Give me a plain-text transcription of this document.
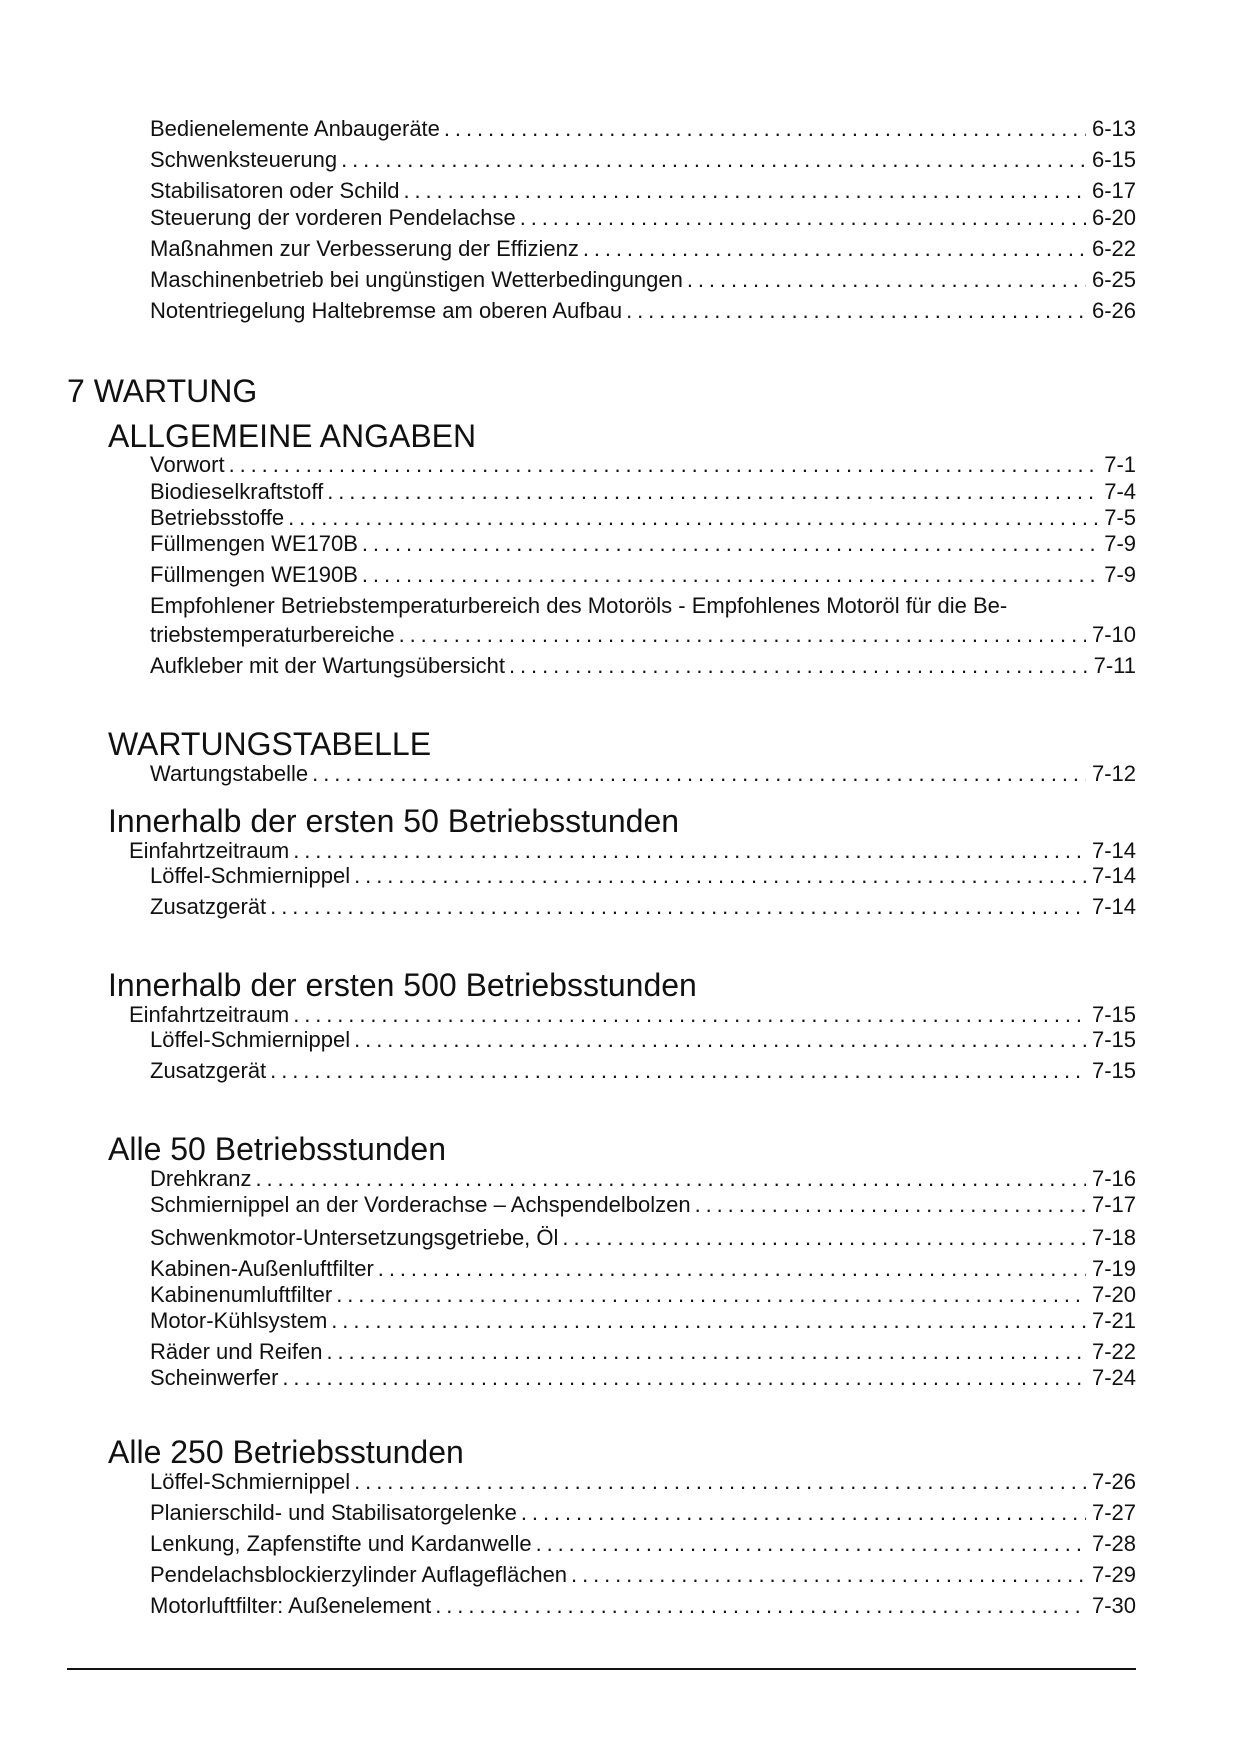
Bedienelemente Anbaugeräte . . .	6-13
Schwenksteuerung . . .	6-15
Stabilisatoren oder Schild . . .	6-17
Steuerung der vorderen Pendelachse . . .	6-20
Maßnahmen zur Verbesserung der Effizienz . . .	6-22
Maschinenbetrieb bei ungünstigen Wetterbedingungen . . .	6-25
Notentriegelung Haltebremse am oberen Aufbau . . .	6-26
7 WARTUNG
ALLGEMEINE ANGABEN
Vorwort . . .	7-1
Biodieselkraftstoff . . .	7-4
Betriebsstoffe . . .	7-5
Füllmengen WE170B . . .	7-9
Füllmengen WE190B . . .	7-9
Empfohlener Betriebstemperaturbereich des Motoröls - Empfohlenes Motoröl für die Be-
triebstemperaturbereiche . . .	7-10
Aufkleber mit der Wartungsübersicht . . .	7-11
WARTUNGSTABELLE
Wartungstabelle . . .	7-12
Innerhalb der ersten 50 Betriebsstunden
Einfahrtzeitraum . . .	7-14
Löffel-Schmiernippel . . .	7-14
Zusatzgerät . . .	7-14
Innerhalb der ersten 500 Betriebsstunden
Einfahrtzeitraum . . .	7-15
Löffel-Schmiernippel . . .	7-15
Zusatzgerät . . .	7-15
Alle 50 Betriebsstunden
Drehkranz . . .	7-16
Schmiernippel an der Vorderachse – Achspendelbolzen . . .	7-17
Schwenkmotor-Untersetzungsgetriebe, Öl . . .	7-18
Kabinen-Außenluftfilter . . .	7-19
Kabinenumluftfilter . . .	7-20
Motor-Kühlsystem . . .	7-21
Räder und Reifen . . .	7-22
Scheinwerfer . . .	7-24
Alle 250 Betriebsstunden
Löffel-Schmiernippel . . .	7-26
Planierschild- und Stabilisatorgelenke . . .	7-27
Lenkung, Zapfenstifte und Kardanwelle . . .	7-28
Pendelachsblockierzylinder Auflageflächen . . .	7-29
Motorluftfilter: Außenelement . . .	7-30
